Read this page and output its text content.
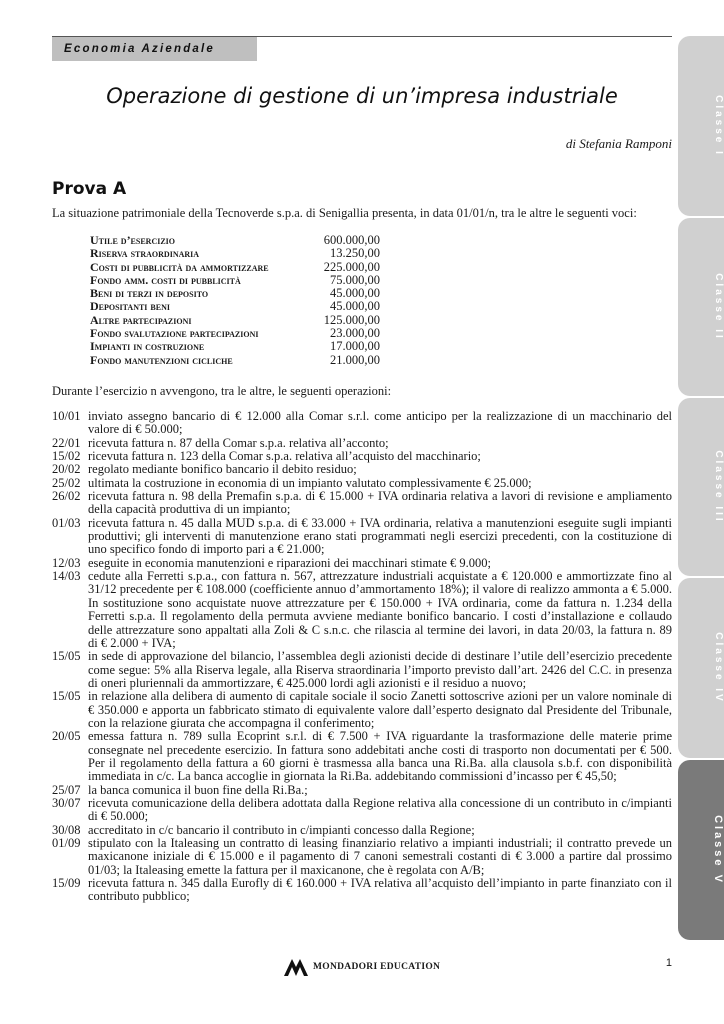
Economia Aziendale
Operazione di gestione di un’impresa industriale
di Stefania Ramponi
Prova A
La situazione patrimoniale della Tecnoverde s.p.a. di Senigallia presenta, in data 01/01/n, tra le altre le seguenti voci:
Utile d’esercizio	600.000,00
Riserva straordinaria	13.250,00
Costi di pubblicità da ammortizzare	225.000,00
Fondo amm. costi di pubblicità	75.000,00
Beni di terzi in deposito	45.000,00
Depositanti beni	45.000,00
Altre partecipazioni	125.000,00
Fondo svalutazione partecipazioni	23.000,00
Impianti in costruzione	17.000,00
Fondo manutenzioni cicliche	21.000,00
Durante l’esercizio n avvengono, tra le altre, le seguenti operazioni:
10/01 inviato assegno bancario di € 12.000 alla Comar s.r.l. come anticipo per la realizzazione di un macchinario del valore di € 50.000;
22/01 ricevuta fattura n. 87 della Comar s.p.a. relativa all’acconto;
15/02 ricevuta fattura n. 123 della Comar s.p.a. relativa all’acquisto del macchinario;
20/02 regolato mediante bonifico bancario il debito residuo;
25/02 ultimata la costruzione in economia di un impianto valutato complessivamente € 25.000;
26/02 ricevuta fattura n. 98 della Premafin s.p.a. di € 15.000 + IVA ordinaria relativa a lavori di revisione e ampliamento della capacità produttiva di un impianto;
01/03 ricevuta fattura n. 45 dalla MUD s.p.a. di € 33.000 + IVA ordinaria, relativa a manutenzioni eseguite sugli impianti produttivi; gli interventi di manutenzione erano stati programmati negli esercizi precedenti, con la costituzione di uno specifico fondo di importo pari a € 21.000;
12/03 eseguite in economia manutenzioni e riparazioni dei macchinari stimate € 9.000;
14/03 cedute alla Ferretti s.p.a., con fattura n. 567, attrezzature industriali acquistate a € 120.000 e ammortizzate fino al 31/12 precedente per € 108.000 (coefficiente annuo d’ammortamento 18%); il valore di realizzo ammonta a € 5.000. In sostituzione sono acquistate nuove attrezzature per € 150.000 + IVA ordinaria, come da fattura n. 1.234 della Ferretti s.p.a. Il regolamento della permuta avviene mediante bonifico bancario. I costi d’installazione e collaudo delle attrezzature sono appaltati alla Zoli & C s.n.c. che rilascia al termine dei lavori, in data 20/03, la fattura n. 89 di € 2.000 + IVA;
15/05 in sede di approvazione del bilancio, l’assemblea degli azionisti decide di destinare l’utile dell’esercizio precedente come segue: 5% alla Riserva legale, alla Riserva straordinaria l’importo previsto dall’art. 2426 del C.C. in presenza di oneri pluriennali da ammortizzare, € 425.000 lordi agli azionisti e il residuo a nuovo;
15/05 in relazione alla delibera di aumento di capitale sociale il socio Zanetti sottoscrive azioni per un valore nominale di € 350.000 e apporta un fabbricato stimato di equivalente valore dall’esperto designato dal Presidente del Tribunale, con la relazione giurata che accompagna il conferimento;
20/05 emessa fattura n. 789 sulla Ecoprint s.r.l. di € 7.500 + IVA riguardante la trasformazione delle materie prime consegnate nel precedente esercizio. In fattura sono addebitati anche costi di trasporto non documentati per € 500. Per il regolamento della fattura a 60 giorni è trasmessa alla banca una Ri.Ba. alla clausola s.b.f. con disponibilità immediata in c/c. La banca accoglie in giornata la Ri.Ba. addebitando commissioni d’incasso per € 45,50;
25/07 la banca comunica il buon fine della Ri.Ba.;
30/07 ricevuta comunicazione della delibera adottata dalla Regione relativa alla concessione di un contributo in c/impianti di € 50.000;
30/08 accreditato in c/c bancario il contributo in c/impianti concesso dalla Regione;
01/09 stipulato con la Italeasing un contratto di leasing finanziario relativo a impianti industriali; il contratto prevede un maxicanone iniziale di € 15.000 e il pagamento di 7 canoni semestrali costanti di € 3.000 a partire dal prossimo 01/03; la Italeasing emette la fattura per il maxicanone, che è regolata con A/B;
15/09 ricevuta fattura n. 345 dalla Eurofly di € 160.000 + IVA relativa all’acquisto dell’impianto in parte finanziato con il contributo pubblico;
Classe I
Classe II
Classe III
Classe IV
Classe V
MONDADORI EDUCATION	1
